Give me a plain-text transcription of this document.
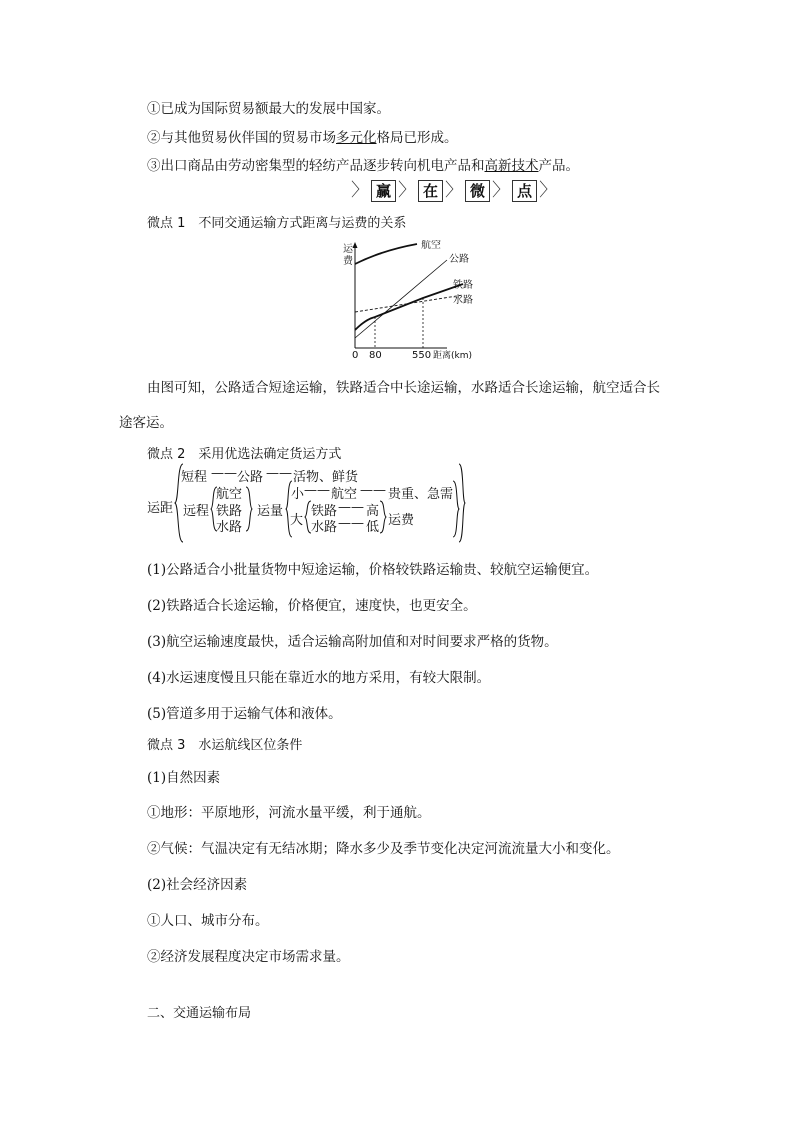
①已成为国际贸易额最大的发展中国家。
②与其他贸易伙伴国的贸易市场多元化格局已形成。
③出口商品由劳动密集型的轻纺产品逐步转向机电产品和高新技术产品。
〉 赢 〉 在 〉 微 〉 点 〉
微点 1　不同交通运输方式距离与运费的关系
运
费
航空
公路
铁路
水路
0 80	550 距离(km)
由图可知，公路适合短途运输，铁路适合中长途运输，水路适合长途运输，航空适合长
途客运。
微点 2　采用优选法确定货运方式
运距
短程 —— 公路 —— 活物、鲜货
远程
航空
铁路
水路
运量
小 —— 航空 —— 贵重、急需
大
铁路 —— 高
水路 —— 低 运费
(1)公路适合小批量货物中短途运输，价格较铁路运输贵、较航空运输便宜。
(2)铁路适合长途运输，价格便宜，速度快，也更安全。
(3)航空运输速度最快，适合运输高附加值和对时间要求严格的货物。
(4)水运速度慢且只能在靠近水的地方采用，有较大限制。
(5)管道多用于运输气体和液体。
微点 3　水运航线区位条件
(1)自然因素
①地形：平原地形，河流水量平缓，利于通航。
②气候：气温决定有无结冰期；降水多少及季节变化决定河流流量大小和变化。
(2)社会经济因素
①人口、城市分布。
②经济发展程度决定市场需求量。
二、交通运输布局
